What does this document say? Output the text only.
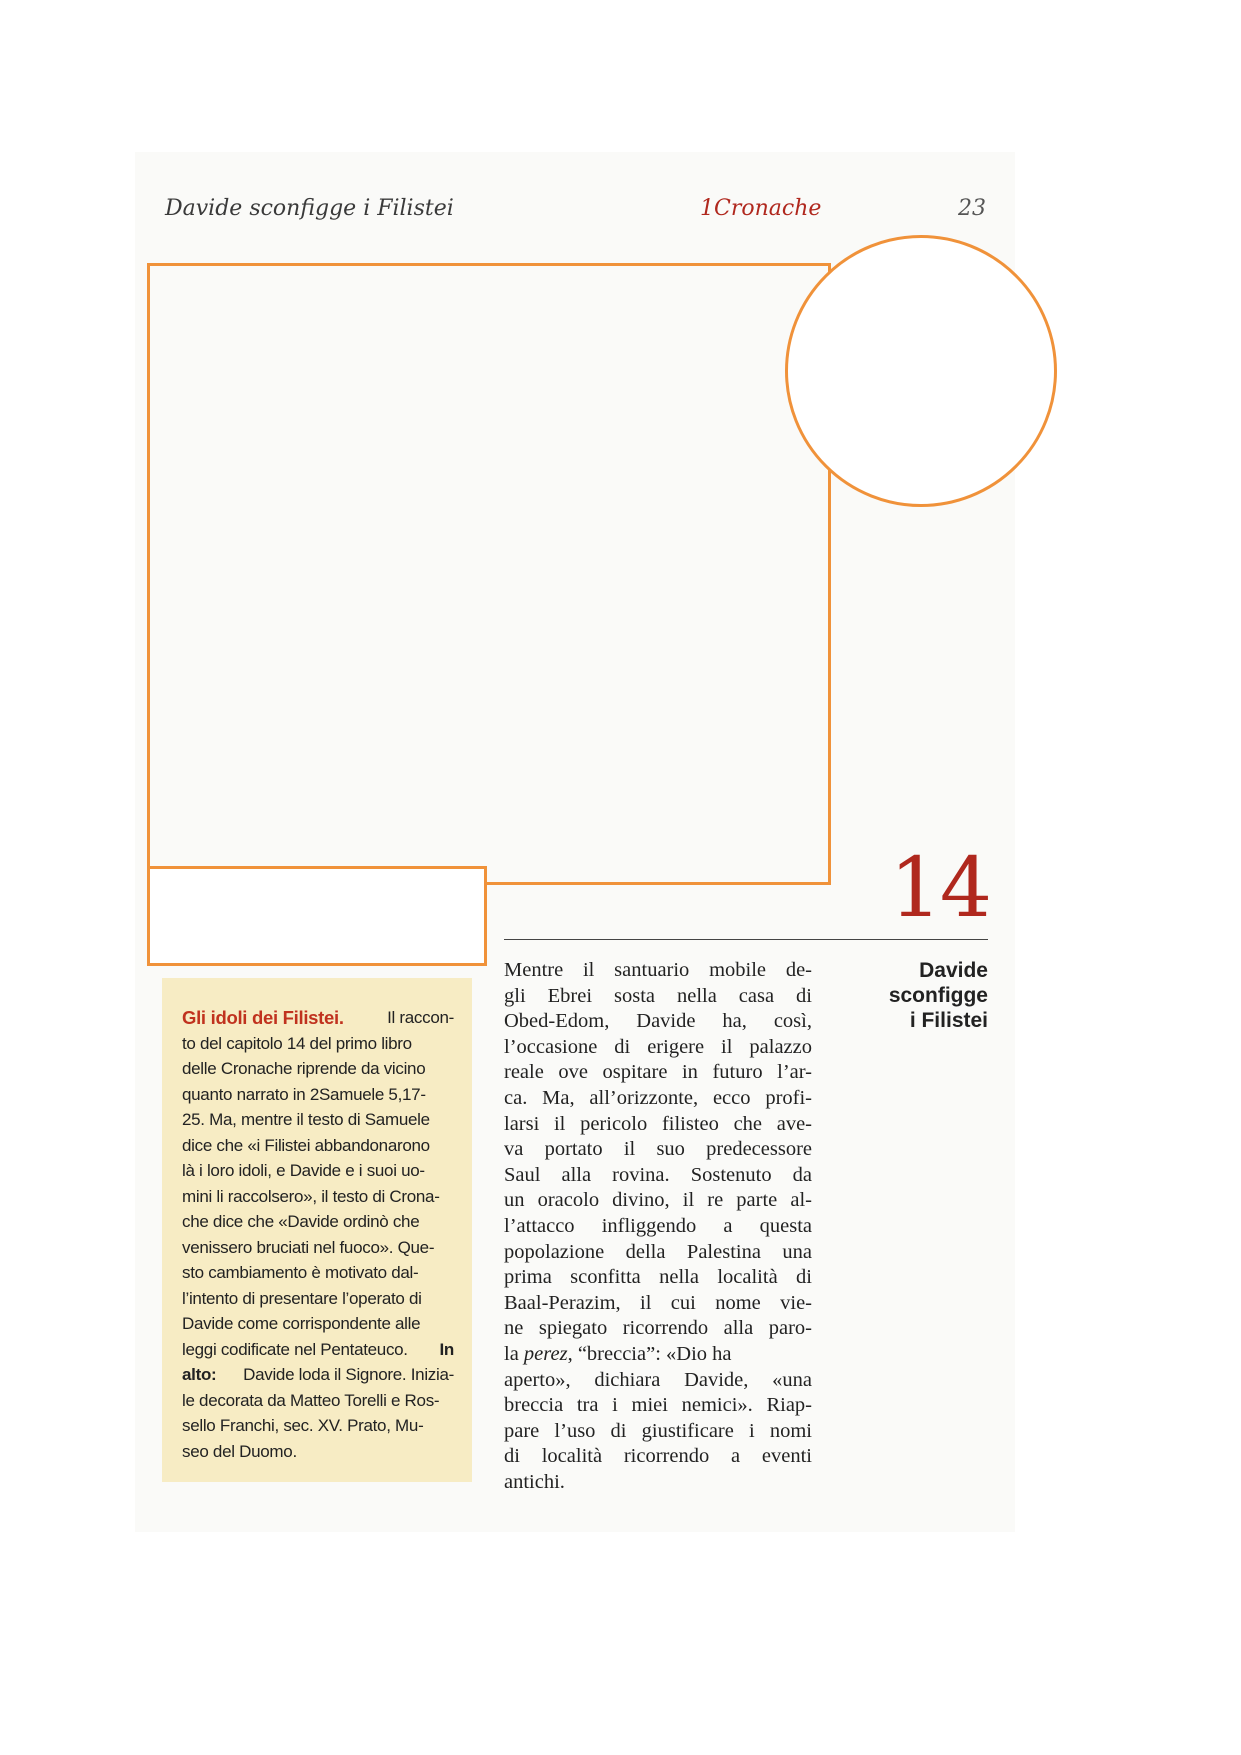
Davide sconfigge i Filistei	1Cronache	23
14
Davide
sconfigge
i Filistei
Mentre il santuario mobile de-
gli Ebrei sosta nella casa di
Obed-Edom, Davide ha, così,
l’occasione di erigere il palazzo
reale ove ospitare in futuro l’ar-
ca. Ma, all’orizzonte, ecco profi-
larsi il pericolo filisteo che ave-
va portato il suo predecessore
Saul alla rovina. Sostenuto da
un oracolo divino, il re parte al-
l’attacco infliggendo a questa
popolazione della Palestina una
prima sconfitta nella località di
Baal-Perazim, il cui nome vie-
ne spiegato ricorrendo alla paro-
la perez, “breccia”: «Dio ha
aperto», dichiara Davide, «una
breccia tra i miei nemici». Riap-
pare l’uso di giustificare i nomi
di località ricorrendo a eventi
antichi.
Gli idoli dei Filistei.	Il raccon-
to del capitolo 14 del primo libro
delle Cronache riprende da vicino
quanto narrato in 2Samuele 5,17-
25. Ma, mentre il testo di Samuele
dice che «i Filistei abbandonarono
là i loro idoli, e Davide e i suoi uo-
mini li raccolsero», il testo di Crona-
che dice che «Davide ordinò che
venissero bruciati nel fuoco». Que-
sto cambiamento è motivato dal-
l’intento di presentare l’operato di
Davide come corrispondente alle
leggi codificate nel Pentateuco. In
alto: Davide loda il Signore. Inizia-
le decorata da Matteo Torelli e Ros-
sello Franchi, sec. XV. Prato, Mu-
seo del Duomo.
